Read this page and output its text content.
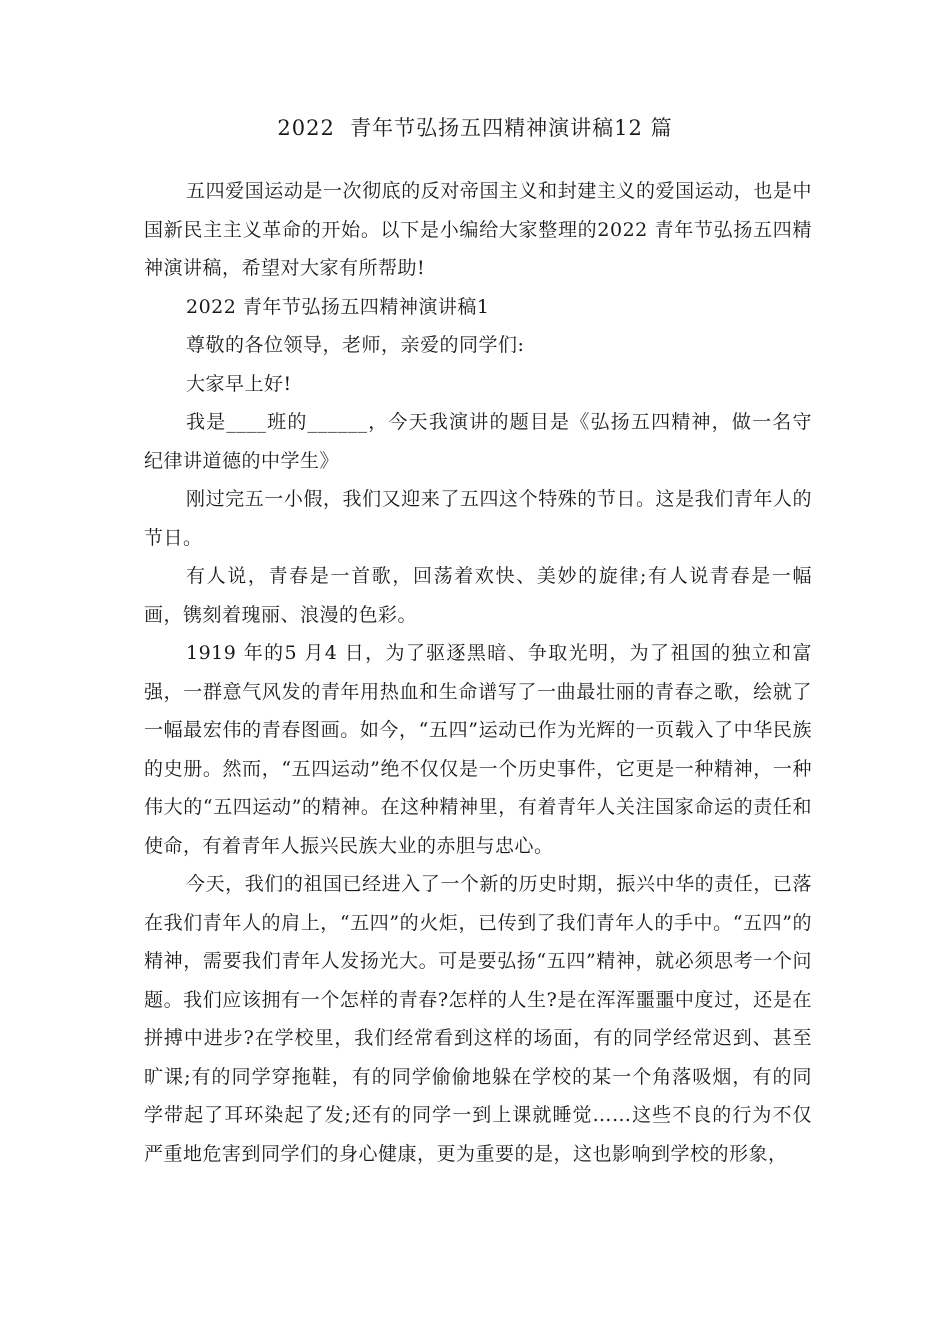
2022  青年节弘扬五四精神演讲稿12 篇

五四爱国运动是一次彻底的反对帝国主义和封建主义的爱国运动，也是中国新民主主义革命的开始。以下是小编给大家整理的2022 青年节弘扬五四精神演讲稿，希望对大家有所帮助!

2022 青年节弘扬五四精神演讲稿1

尊敬的各位领导，老师，亲爱的同学们:

大家早上好!

我是____班的______，今天我演讲的题目是《弘扬五四精神，做一名守纪律讲道德的中学生》

刚过完五一小假，我们又迎来了五四这个特殊的节日。这是我们青年人的节日。

有人说，青春是一首歌，回荡着欢快、美妙的旋律;有人说青春是一幅画，镌刻着瑰丽、浪漫的色彩。

1919 年的5 月4 日，为了驱逐黑暗、争取光明，为了祖国的独立和富强，一群意气风发的青年用热血和生命谱写了一曲最壮丽的青春之歌，绘就了一幅最宏伟的青春图画。如今，“五四”运动已作为光辉的一页载入了中华民族的史册。然而，“五四运动”绝不仅仅是一个历史事件，它更是一种精神，一种伟大的“五四运动”的精神。在这种精神里，有着青年人关注国家命运的责任和使命，有着青年人振兴民族大业的赤胆与忠心。

今天，我们的祖国已经进入了一个新的历史时期，振兴中华的责任，已落在我们青年人的肩上，“五四”的火炬，已传到了我们青年人的手中。“五四”的精神，需要我们青年人发扬光大。可是要弘扬“五四”精神，就必须思考一个问题。我们应该拥有一个怎样的青春?怎样的人生?是在浑浑噩噩中度过，还是在拼搏中进步?在学校里，我们经常看到这样的场面，有的同学经常迟到、甚至旷课;有的同学穿拖鞋，有的同学偷偷地躲在学校的某一个角落吸烟，有的同学带起了耳环染起了发;还有的同学一到上课就睡觉……这些不良的行为不仅严重地危害到同学们的身心健康，更为重要的是，这也影响到学校的形象，
